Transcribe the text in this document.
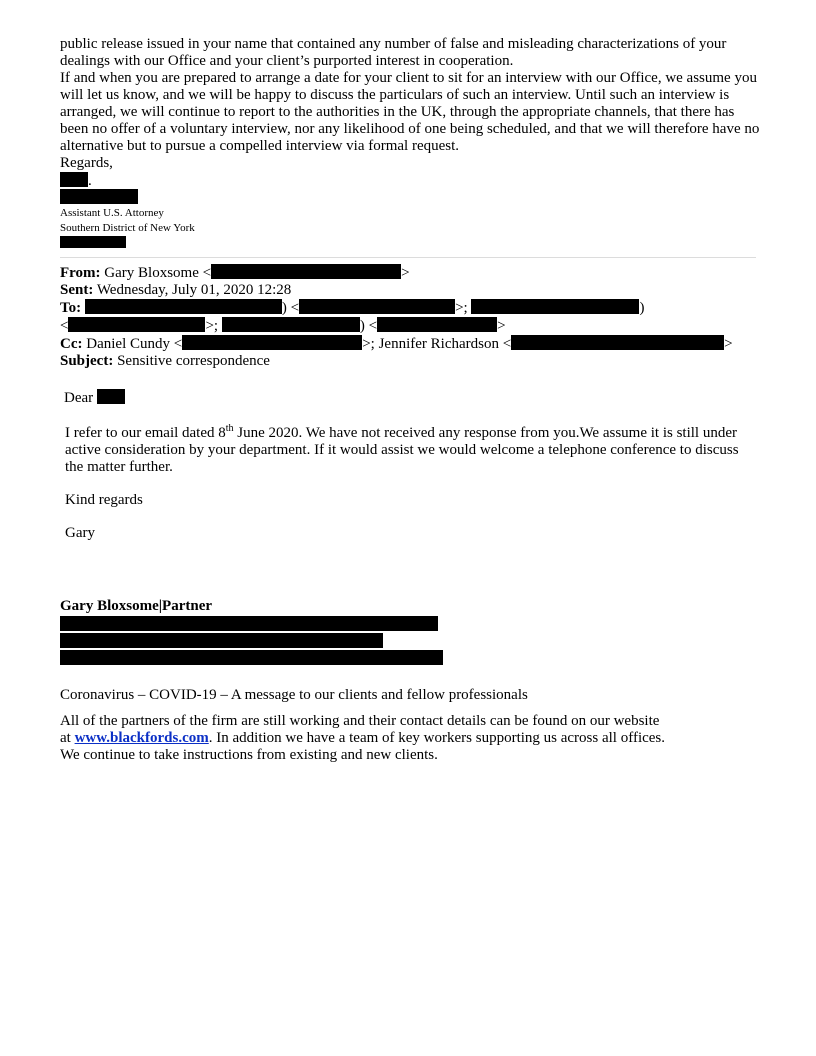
public release issued in your name that contained any number of false and misleading characterizations of your dealings with our Office and your client’s purported interest in cooperation.

If and when you are prepared to arrange a date for your client to sit for an interview with our Office, we assume you will let us know, and we will be happy to discuss the particulars of such an interview. Until such an interview is arranged, we will continue to report to the authorities in the UK, through the appropriate channels, that there has been no offer of a voluntary interview, nor any likelihood of one being scheduled, and that we will therefore have no alternative but to pursue a compelled interview via formal request.

Regards,

.

Assistant U.S. Attorney

Southern District of New York

From: Gary Bloxsome <	>
Sent: Wednesday, July 01, 2020 12:28
To:	) <	>;	)
<	>;	) <	>
Cc: Daniel Cundy <	>; Jennifer Richardson <	>
Subject: Sensitive correspondence
Dear

I refer to our email dated 8th June 2020. We have not received any response from you.We assume it is still under active consideration by your department. If it would assist we would welcome a telephone conference to discuss the matter further.

Kind regards

Gary

Gary Bloxsome|Partner

Coronavirus – COVID-19 – A message to our clients and fellow professionals

All of the partners of the firm are still working and their contact details can be found on our website at www.blackfords.com. In addition we have a team of key workers supporting us across all offices. We continue to take instructions from existing and new clients.
